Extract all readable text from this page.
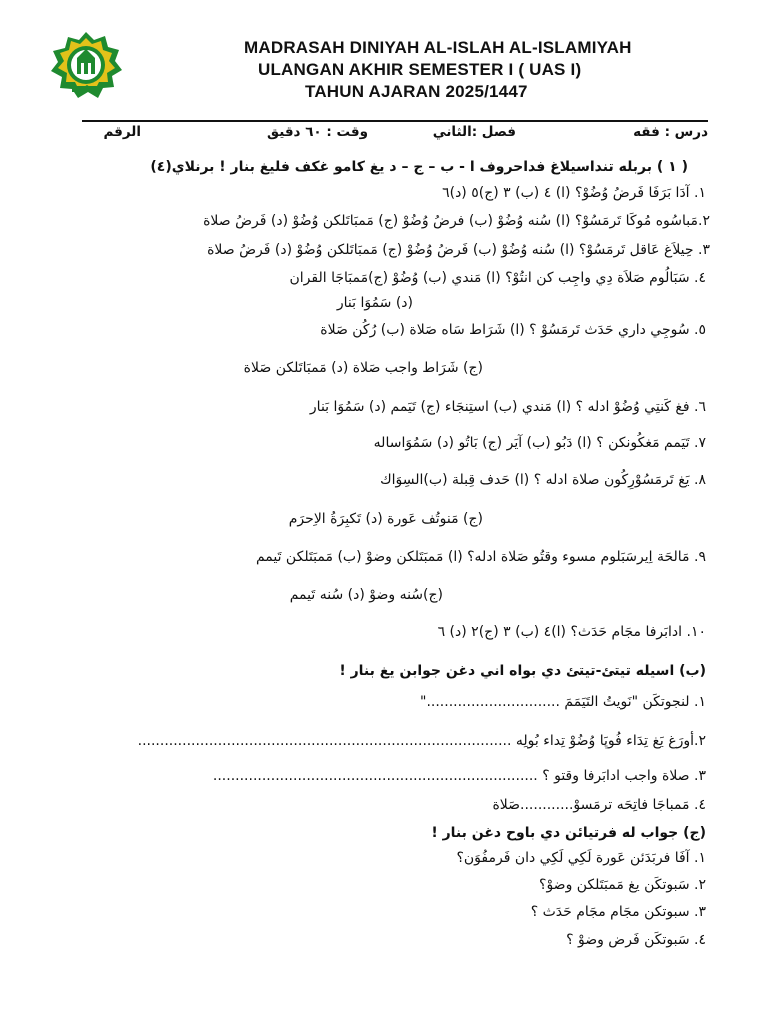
MADRASAH DINIYAH AL-ISLAH AL-ISLAMIYAH
ULANGAN AKHIR SEMESTER I ( UAS I)
TAHUN AJARAN 2025/1447
درس : فقه
فصل :الثاني
وقت : ٦٠ دقيق
الرقم
( ١ ) بربله تنداسيلاغ فداحروف ا - ب – ج – د يغ كامو غكف فليغ بنار ! برنلاي(٤)
١. آدَا بَرَفَا فَرضُ وُضُوْ؟ (ا) ٤ (ب) ٣ (ج)٥ (د)٦
٢.مَباسُوه مُوكَا تَرمَسُوْ؟ (ا) سُنه وُضُوْ (ب) فرضُ وُضُوْ (ج) مَمبَاتَلكن وُضُوْ (د) فَرضُ صلاة
٣. حِيلاَغ عَاقل تَرمَسُوْ؟ (ا) سُنه وُضُوْ (ب) فَرضُ وُضُوْ (ج) مَمبَاتَلكن وُضُوْ (د) فَرضُ صلاة
٤. سَبَالُوم صَلاَة دِي واجِب كن انتُوْ؟ (ا) مَندي (ب) وُضُوْ (ج)مَمبَاجَا القران
(د) سَمُوَا بَنار
٥. سُوجِي داري حَدَث تَرمَسُوْ ؟ (ا) شَرَاط سَاه صَلاة (ب) رُكُن صَلاة
(ج) شَرَاط واجب صَلاة (د) مَمبَاتَلكن صَلاة
٦. فغ كَنتِي وُضُوْ ادله ؟ (ا) مَندي (ب) استِنجَاء (ج) تَيَمم (د) سَمُوَا بَنار
٧. تَيَمم مَغكُونكن ؟ (ا) دَبُو (ب) آيَر (ج) بَاتُو (د) سَمُوَاساله
٨. يَغ تَرمَسُوْرِكُون صلاة ادله ؟ (ا) حَدف قِبلة (ب)السِوَاك
(ج) مَنوتُف عَورة (د) تَكبِرَةُ الاِحرَم
٩. مَالحَة اِيرسَبَلوم مسوء وقتُو صَلاة ادله؟ (ا) مَمبَتَلكن وضوْ (ب) مَمبَتَلكن تَيمم
(ج)سُنه وضوْ (د) سُنه تَيمم
١٠. ادابَرفا مجَام حَدَث؟ (ا)٤ (ب) ٣ (ج)٢ (د) ٦
(ب) اسيله تيتئ-تيتئ دي بواه اني دغن جوابن يغ بنار !
١. لنجوتكَن "نَويتُ التَيَمَمَ .............................."
٢.أورَغ يَغ تِدَاء فُوپَا وُضُوْ تِداء بُولِه ....................................................................................
٣. صلاة واجب ادابَرفا وقتو ؟ .........................................................................
٤. مَمباجَا فاتِحَه ترمَسوْ............صَلاة
(ج) جواب له فرتيائن دي باوح دغن بنار !
١. آفَا فربَدَئن عَورة لَكِي لَكِي دان فَرمفُوَن؟
٢. سَبوتكَن يغ مَمبَتَلكن وضوْ؟
٣. سبوتكن مجَام مجَام حَدَث ؟
٤. سَبوتكَن فَرض وضوْ ؟
